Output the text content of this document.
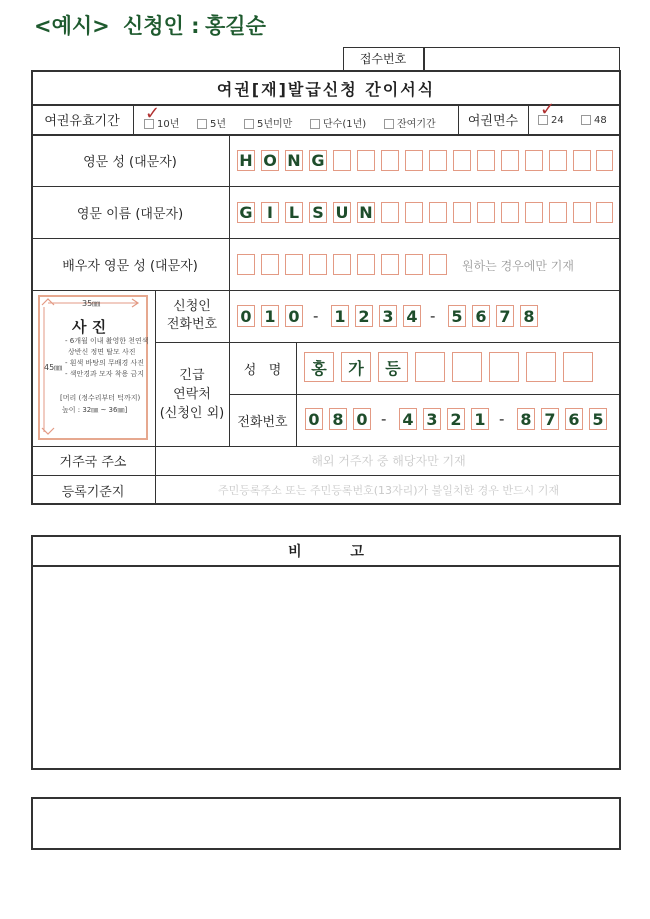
<예시> 신청인 : 홍길순
접수번호
여권[재]발급신청 간이서식
여권유효기간	10년	5년	5년미만	단수(1년)	잔여기간
✓	여권면수	24	48
✓
영문 성 (대문자)	H O N G
영문 이름 (대문자)	G I L S U N
배우자 영문 성 (대문자)	원하는 경우에만 기재
35㎜
45㎜
사 진
- 6개월 이내 촬영한 천연색
상반신 정면 탈모 사진
- 흰색 바탕의 무배경 사진
- 색안경과 모자 착용 금지
[머리 (정수리부터 턱까지)
높이 : 32㎜ ~ 36㎜]
신청인
전화번호	0 1 0 - 1 2 3 4 - 5 6 7 8
긴급
연락처
(신청인 외)
성   명	홍	가	등
전화번호	0 8 0 - 4 3 2 1 - 8 7 6 5
거주국 주소	해외 거주자 중 해당자만 기재
등록기준지	주민등록주소 또는 주민등록번호(13자리)가 불일치한 경우 반드시 기재
비          고
